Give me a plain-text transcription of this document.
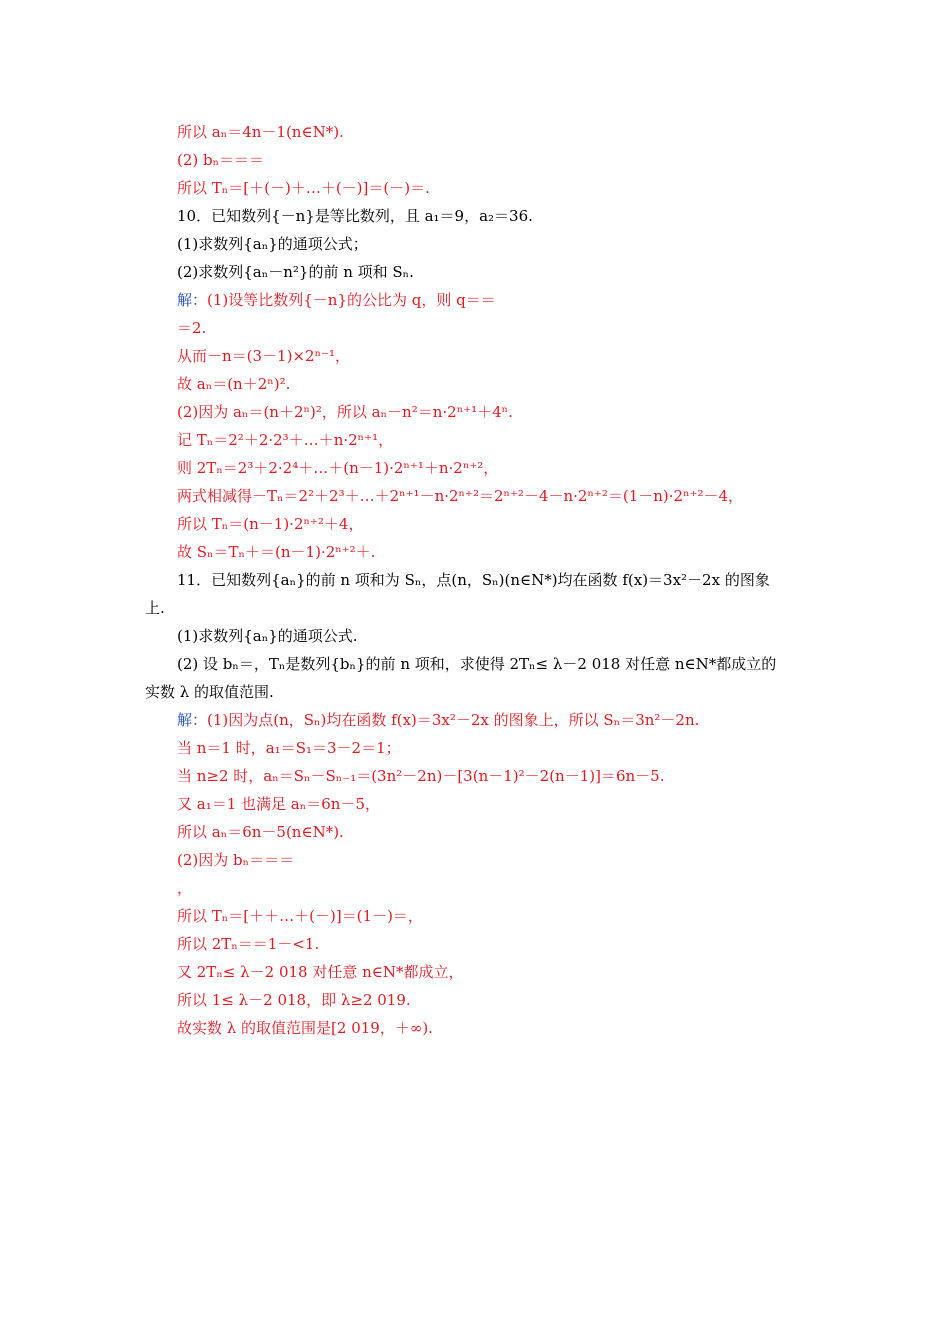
所以 aₙ＝4n－1(n∈N*).
(2) bₙ＝＝＝
所以 Tₙ＝[＋(－)＋…＋(－)]＝(－)＝.
10．已知数列{－n}是等比数列，且 a₁＝9，a₂＝36.
(1)求数列{aₙ}的通项公式；
(2)求数列{aₙ－n²}的前 n 项和 Sₙ.
解：(1)设等比数列{－n}的公比为 q，则 q＝＝
＝2.
从而－n＝(3－1)×2ⁿ⁻¹，
故 aₙ＝(n＋2ⁿ)².
(2)因为 aₙ＝(n＋2ⁿ)²，所以 aₙ－n²＝n·2ⁿ⁺¹＋4ⁿ.
记 Tₙ＝2²＋2·2³＋…＋n·2ⁿ⁺¹，
则 2Tₙ＝2³＋2·2⁴＋…＋(n－1)·2ⁿ⁺¹＋n·2ⁿ⁺²，
两式相减得－Tₙ＝2²＋2³＋…＋2ⁿ⁺¹－n·2ⁿ⁺²＝2ⁿ⁺²－4－n·2ⁿ⁺²＝(1－n)·2ⁿ⁺²－4，
所以 Tₙ＝(n－1)·2ⁿ⁺²＋4，
故 Sₙ＝Tₙ＋＝(n－1)·2ⁿ⁺²＋.
11．已知数列{aₙ}的前 n 项和为 Sₙ，点(n，Sₙ)(n∈N*)均在函数 f(x)＝3x²－2x 的图象
上.
(1)求数列{aₙ}的通项公式.
(2) 设 bₙ＝，Tₙ是数列{bₙ}的前 n 项和，求使得 2Tₙ≤ λ－2 018 对任意 n∈N*都成立的
实数 λ 的取值范围.
解：(1)因为点(n，Sₙ)均在函数 f(x)＝3x²－2x 的图象上，所以 Sₙ＝3n²－2n.
当 n＝1 时，a₁＝S₁＝3－2＝1；
当 n≥2 时，aₙ＝Sₙ－Sₙ₋₁＝(3n²－2n)－[3(n－1)²－2(n－1)]＝6n－5.
又 a₁＝1 也满足 aₙ＝6n－5，
所以 aₙ＝6n－5(n∈N*).
(2)因为 bₙ＝＝＝
，
所以 Tₙ＝[＋＋…＋(－)]＝(1－)＝，
所以 2Tₙ＝＝1－<1.
又 2Tₙ≤ λ－2 018 对任意 n∈N*都成立，
所以 1≤ λ－2 018，即 λ≥2 019.
故实数 λ 的取值范围是[2 019，＋∞).
